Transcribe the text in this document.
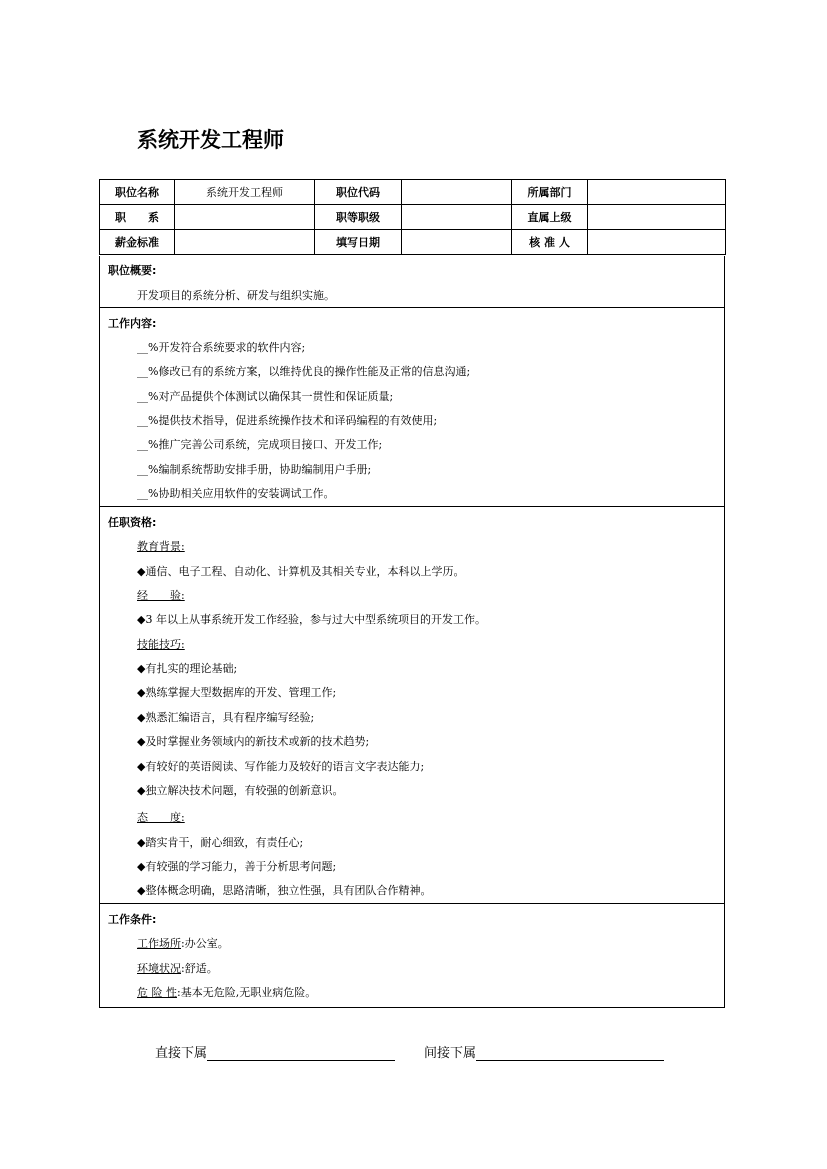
系统开发工程师
职位名称	系统开发工程师	职位代码		所属部门	
职　　系		职等职级		直属上级	
薪金标准		填写日期		核 准 人	
职位概要:
开发项目的系统分析、研发与组织实施。
工作内容:
__%开发符合系统要求的软件内容;
__%修改已有的系统方案，以维持优良的操作性能及正常的信息沟通;
__%对产品提供个体测试以确保其一贯性和保证质量;
__%提供技术指导，促进系统操作技术和译码编程的有效使用;
__%推广完善公司系统，完成项目接口、开发工作;
__%编制系统帮助安排手册，协助编制用户手册;
__%协助相关应用软件的安装调试工作。
任职资格:
教育背景:
◆通信、电子工程、自动化、计算机及其相关专业，本科以上学历。
经　　验:
◆3 年以上从事系统开发工作经验，参与过大中型系统项目的开发工作。
技能技巧:
◆有扎实的理论基础;
◆熟练掌握大型数据库的开发、管理工作;
◆熟悉汇编语言，具有程序编写经验;
◆及时掌握业务领域内的新技术或新的技术趋势;
◆有较好的英语阅读、写作能力及较好的语言文字表达能力;
◆独立解决技术问题，有较强的创新意识。
态　　度:
◆踏实肯干，耐心细致，有责任心;
◆有较强的学习能力，善于分析思考问题;
◆整体概念明确，思路清晰，独立性强，具有团队合作精神。
工作条件:
工作场所:办公室。
环境状况:舒适。
危 险 性:基本无危险,无职业病危险。
直接下属	间接下属
